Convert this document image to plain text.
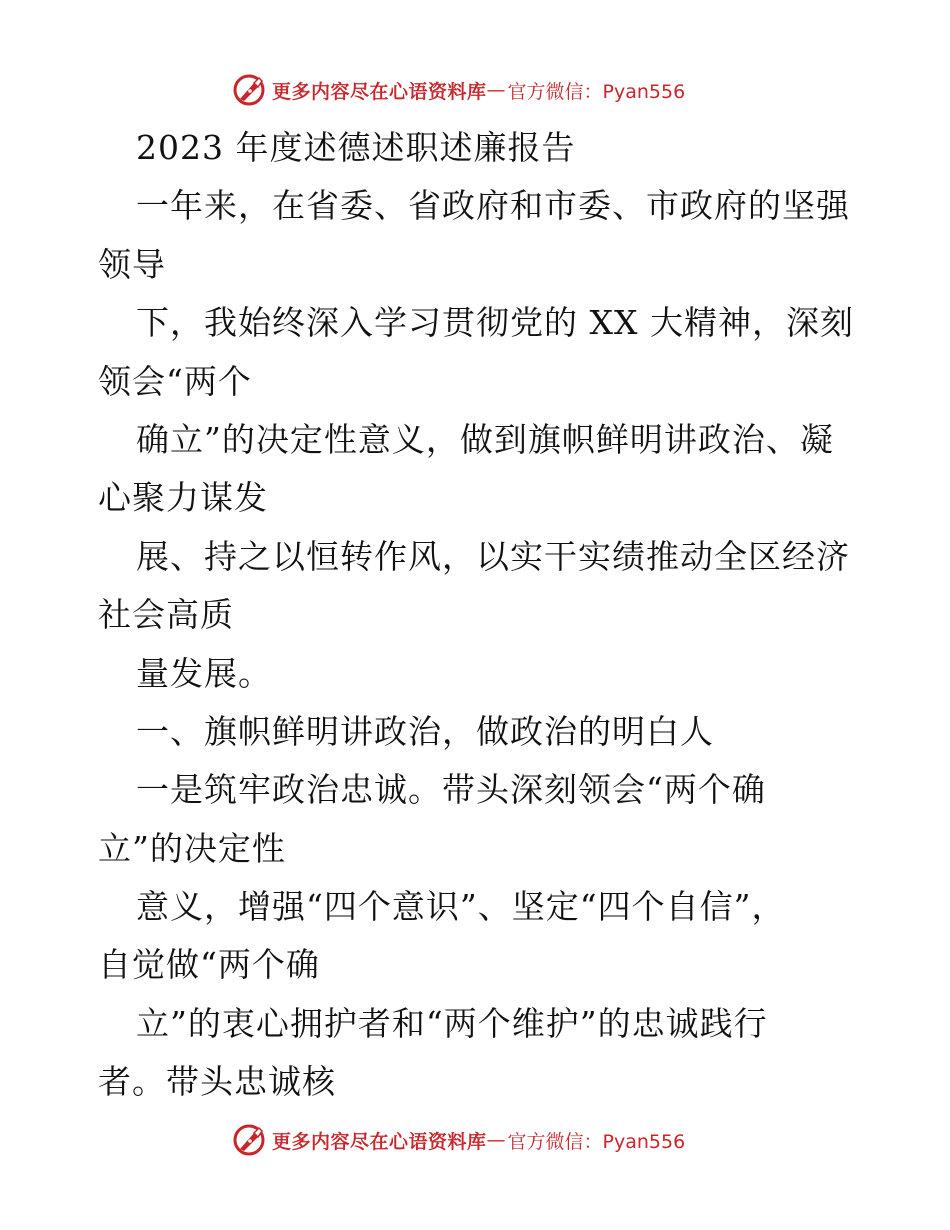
更多内容尽在心语资料库 — 官方微信：Pyan556
2023 年度述德述职述廉报告
一年来，在省委、省政府和市委、市政府的坚强
领导
下，我始终深入学习贯彻党的 XX 大精神，深刻
领会“两个
确立”的决定性意义，做到旗帜鲜明讲政治、凝
心聚力谋发
展、持之以恒转作风，以实干实绩推动全区经济
社会高质
量发展。
一、旗帜鲜明讲政治，做政治的明白人
一是筑牢政治忠诚。带头深刻领会“两个确
立”的决定性
意义，增强“四个意识”、坚定“四个自信”，
自觉做“两个确
立”的衷心拥护者和“两个维护”的忠诚践行
者。带头忠诚核
更多内容尽在心语资料库 — 官方微信：Pyan556
